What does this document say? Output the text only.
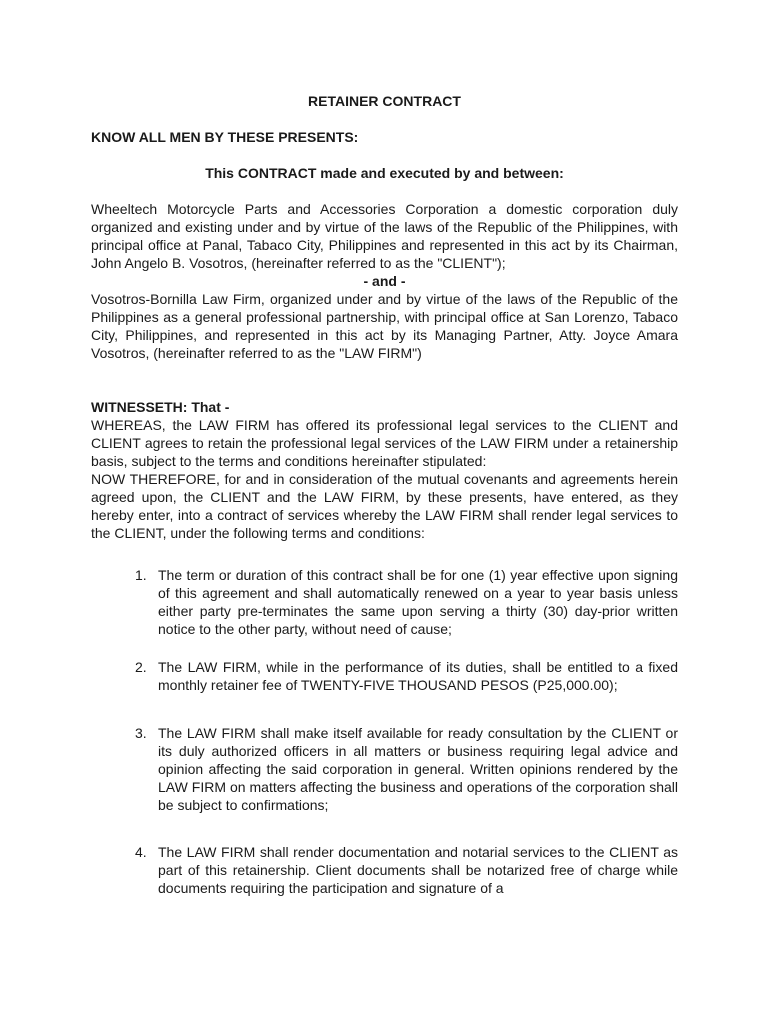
RETAINER CONTRACT

KNOW ALL MEN BY THESE PRESENTS:

This CONTRACT made and executed by and between:

Wheeltech Motorcycle Parts and Accessories Corporation a domestic corporation duly organized and existing under and by virtue of the laws of the Republic of the Philippines, with principal office at Panal, Tabaco City, Philippines and represented in this act by its Chairman, John Angelo B. Vosotros, (hereinafter referred to as the "CLIENT");

- and -

Vosotros-Bornilla Law Firm, organized under and by virtue of the laws of the Republic of the Philippines as a general professional partnership, with principal office at San Lorenzo, Tabaco City, Philippines, and represented in this act by its Managing Partner, Atty. Joyce Amara Vosotros, (hereinafter referred to as the "LAW FIRM")

WITNESSETH: That -

WHEREAS, the LAW FIRM has offered its professional legal services to the CLIENT and CLIENT agrees to retain the professional legal services of the LAW FIRM under a retainership basis, subject to the terms and conditions hereinafter stipulated:

NOW THEREFORE, for and in consideration of the mutual covenants and agreements herein agreed upon, the CLIENT and the LAW FIRM, by these presents, have entered, as they hereby enter, into a contract of services whereby the LAW FIRM shall render legal services to the CLIENT, under the following terms and conditions:

1. The term or duration of this contract shall be for one (1) year effective upon signing of this agreement and shall automatically renewed on a year to year basis unless either party pre-terminates the same upon serving a thirty (30) day-prior written notice to the other party, without need of cause;
2. The LAW FIRM, while in the performance of its duties, shall be entitled to a fixed monthly retainer fee of TWENTY-FIVE THOUSAND PESOS (P25,000.00);
3. The LAW FIRM shall make itself available for ready consultation by the CLIENT or its duly authorized officers in all matters or business requiring legal advice and opinion affecting the said corporation in general. Written opinions rendered by the LAW FIRM on matters affecting the business and operations of the corporation shall be subject to confirmations;
4. The LAW FIRM shall render documentation and notarial services to the CLIENT as part of this retainership. Client documents shall be notarized free of charge while documents requiring the participation and signature of a
